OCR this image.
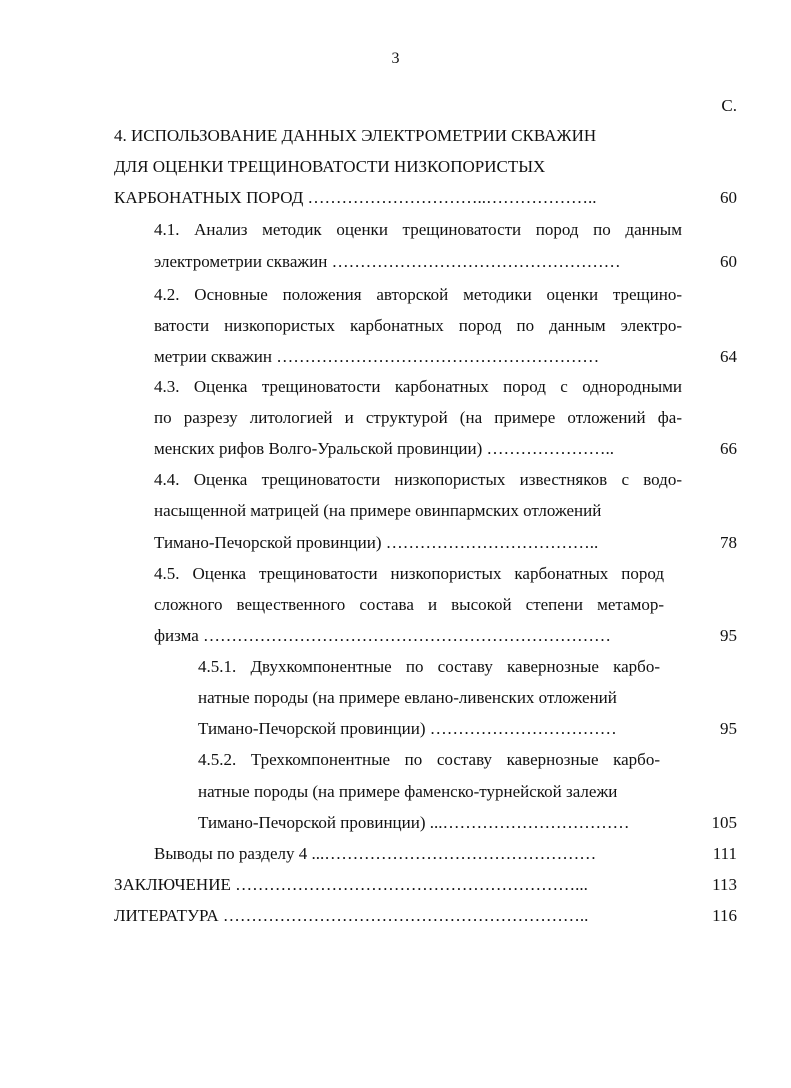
3
С.
4. ИСПОЛЬЗОВАНИЕ ДАННЫХ ЭЛЕКТРОМЕТРИИ СКВАЖИН
ДЛЯ ОЦЕНКИ ТРЕЩИНОВАТОСТИ НИЗКОПОРИСТЫХ
КАРБОНАТНЫХ ПОРОД …………………………..………………..	60
4.1. Анализ методик оценки трещиноватости пород по данным
электрометрии скважин ……………………………………………	60
4.2. Основные положения авторской методики оценки трещино-
ватости низкопористых карбонатных пород по данным электро-
метрии скважин …………………………………………………	64
4.3. Оценка трещиноватости карбонатных пород с однородными
по разрезу литологией и структурой (на примере отложений фа-
менских рифов Волго-Уральской провинции) …………………..	66
4.4. Оценка трещиноватости низкопористых известняков с водо-
насыщенной матрицей (на примере овинпармских отложений
Тимано-Печорской провинции) ………………………………..	78
4.5. Оценка трещиноватости низкопористых карбонатных пород
сложного вещественного состава и высокой степени метамор-
физма ………………………………………………………………	95
4.5.1. Двухкомпонентные по составу кавернозные карбо-
натные породы (на примере евлано-ливенских отложений
Тимано-Печорской провинции) ……………………………	95
4.5.2. Трехкомпонентные по составу кавернозные карбо-
натные породы (на примере фаменско-турнейской залежи
Тимано-Печорской провинции) ...……………………………	105
Выводы по разделу 4 ...…………………………………………	111
ЗАКЛЮЧЕНИЕ ……………………………………………………...	113
ЛИТЕРАТУРА ………………………………………………………..	116
